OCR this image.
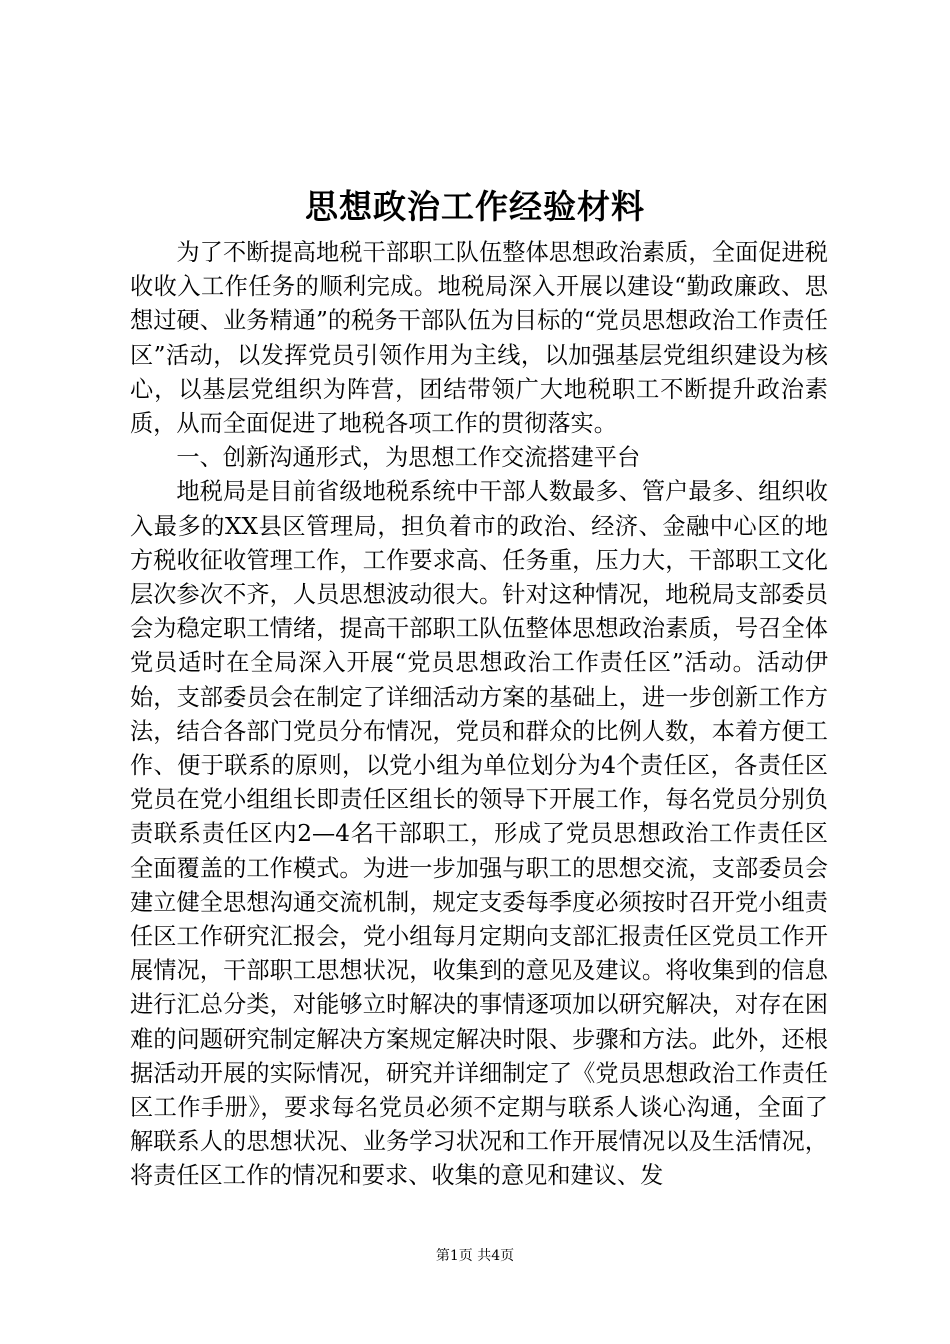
思想政治工作经验材料

为了不断提高地税干部职工队伍整体思想政治素质，全面促进税收收入工作任务的顺利完成。地税局深入开展以建设“勤政廉政、思想过硬、业务精通”的税务干部队伍为目标的“党员思想政治工作责任区”活动，以发挥党员引领作用为主线，以加强基层党组织建设为核心，以基层党组织为阵营，团结带领广大地税职工不断提升政治素质，从而全面促进了地税各项工作的贯彻落实。

一、创新沟通形式，为思想工作交流搭建平台

地税局是目前省级地税系统中干部人数最多、管户最多、组织收入最多的XX县区管理局，担负着市的政治、经济、金融中心区的地方税收征收管理工作，工作要求高、任务重，压力大，干部职工文化层次参次不齐，人员思想波动很大。针对这种情况，地税局支部委员会为稳定职工情绪，提高干部职工队伍整体思想政治素质，号召全体党员适时在全局深入开展“党员思想政治工作责任区”活动。活动伊始，支部委员会在制定了详细活动方案的基础上，进一步创新工作方法，结合各部门党员分布情况，党员和群众的比例人数，本着方便工作、便于联系的原则，以党小组为单位划分为4个责任区，各责任区党员在党小组组长即责任区组长的领导下开展工作，每名党员分别负责联系责任区内2—4名干部职工，形成了党员思想政治工作责任区全面覆盖的工作模式。为进一步加强与职工的思想交流，支部委员会建立健全思想沟通交流机制，规定支委每季度必须按时召开党小组责任区工作研究汇报会，党小组每月定期向支部汇报责任区党员工作开展情况，干部职工思想状况，收集到的意见及建议。将收集到的信息进行汇总分类，对能够立时解决的事情逐项加以研究解决，对存在困难的问题研究制定解决方案规定解决时限、步骤和方法。此外，还根据活动开展的实际情况，研究并详细制定了《党员思想政治工作责任区工作手册》，要求每名党员必须不定期与联系人谈心沟通，全面了解联系人的思想状况、业务学习状况和工作开展情况以及生活情况，将责任区工作的情况和要求、收集的意见和建议、发

第1页 共4页
